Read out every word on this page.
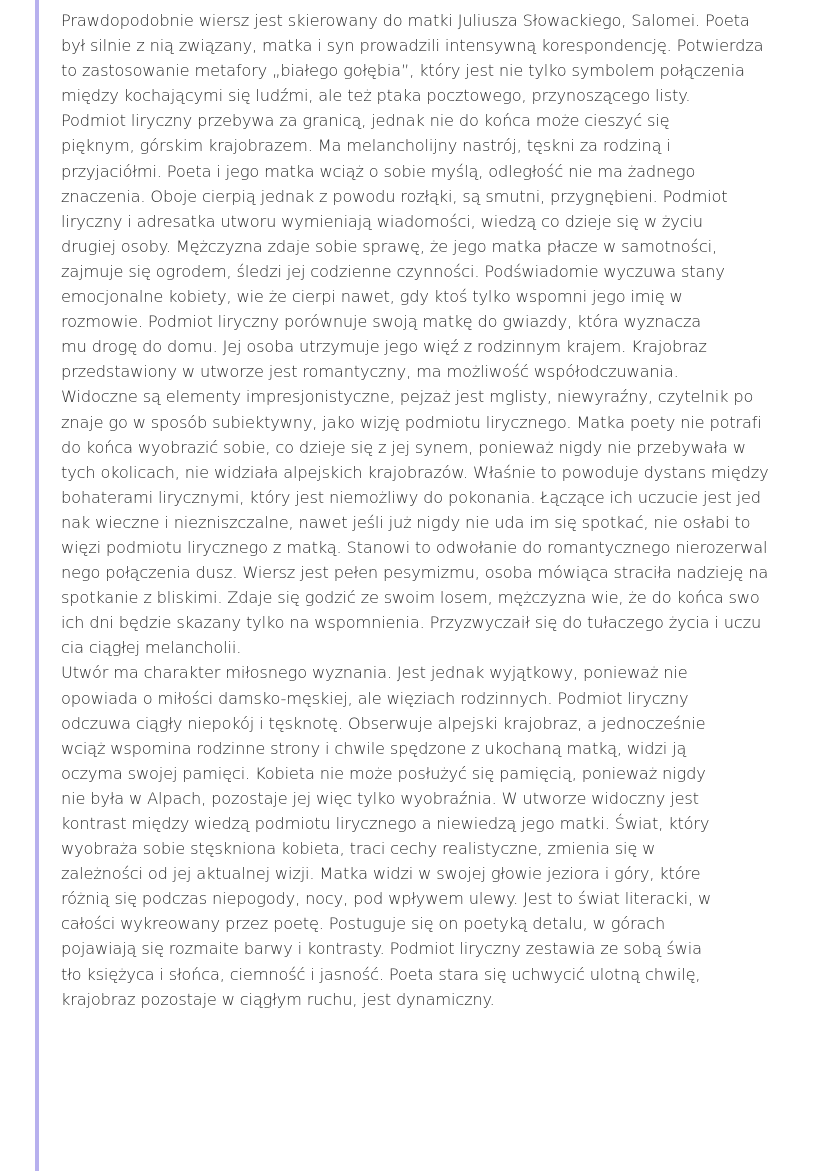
Prawdopodobnie wiersz jest skierowany do matki Juliusza Słowackiego, Salomei. Poeta
był silnie z nią związany, matka i syn prowadzili intensywną korespondencję. Potwierdza
to zastosowanie metafory „białego gołębia”, który jest nie tylko symbolem połączenia
między kochającymi się ludźmi, ale też ptaka pocztowego, przynoszącego listy.
Podmiot liryczny przebywa za granicą, jednak nie do końca może cieszyć się
pięknym, górskim krajobrazem. Ma melancholijny nastrój, tęskni za rodziną i
przyjaciółmi. Poeta i jego matka wciąż o sobie myślą, odległość nie ma żadnego
znaczenia. Oboje cierpią jednak z powodu rozłąki, są smutni, przygnębieni. Podmiot
liryczny i adresatka utworu wymieniają wiadomości, wiedzą co dzieje się w życiu
drugiej osoby. Mężczyzna zdaje sobie sprawę, że jego matka płacze w samotności,
zajmuje się ogrodem, śledzi jej codzienne czynności. Podświadomie wyczuwa stany
emocjonalne kobiety, wie że cierpi nawet, gdy ktoś tylko wspomni jego imię w
rozmowie. Podmiot liryczny porównuje swoją matkę do gwiazdy, która wyznacza
mu drogę do domu. Jej osoba utrzymuje jego więź z rodzinnym krajem. Krajobraz
przedstawiony w utworze jest romantyczny, ma możliwość współodczuwania.
Widoczne są elementy impresjonistyczne, pejzaż jest mglisty, niewyraźny, czytelnik po
znaje go w sposób subiektywny, jako wizję podmiotu lirycznego. Matka poety nie potrafi
do końca wyobrazić sobie, co dzieje się z jej synem, ponieważ nigdy nie przebywała w
tych okolicach, nie widziała alpejskich krajobrazów. Właśnie to powoduje dystans między
bohaterami lirycznymi, który jest niemożliwy do pokonania. Łączące ich uczucie jest jed
nak wieczne i niezniszczalne, nawet jeśli już nigdy nie uda im się spotkać, nie osłabi to
więzi podmiotu lirycznego z matką. Stanowi to odwołanie do romantycznego nierozerwal
nego połączenia dusz. Wiersz jest pełen pesymizmu, osoba mówiąca straciła nadzieję na
spotkanie z bliskimi. Zdaje się godzić ze swoim losem, mężczyzna wie, że do końca swo
ich dni będzie skazany tylko na wspomnienia. Przyzwyczaił się do tułaczego życia i uczu
cia ciągłej melancholii.
Utwór ma charakter miłosnego wyznania. Jest jednak wyjątkowy, ponieważ nie
opowiada o miłości damsko-męskiej, ale więziach rodzinnych. Podmiot liryczny
odczuwa ciągły niepokój i tęsknotę. Obserwuje alpejski krajobraz, a jednocześnie
wciąż wspomina rodzinne strony i chwile spędzone z ukochaną matką, widzi ją
oczyma swojej pamięci. Kobieta nie może posłużyć się pamięcią, ponieważ nigdy
nie była w Alpach, pozostaje jej więc tylko wyobraźnia. W utworze widoczny jest
kontrast między wiedzą podmiotu lirycznego a niewiedzą jego matki. Świat, który
wyobraża sobie stęskniona kobieta, traci cechy realistyczne, zmienia się w
zależności od jej aktualnej wizji. Matka widzi w swojej głowie jeziora i góry, które
różnią się podczas niepogody, nocy, pod wpływem ulewy. Jest to świat literacki, w
całości wykreowany przez poetę. Postuguje się on poetyką detalu, w górach
pojawiają się rozmaite barwy i kontrasty. Podmiot liryczny zestawia ze sobą świa
tło księżyca i słońca, ciemność i jasność. Poeta stara się uchwycić ulotną chwilę,
krajobraz pozostaje w ciągłym ruchu, jest dynamiczny.
